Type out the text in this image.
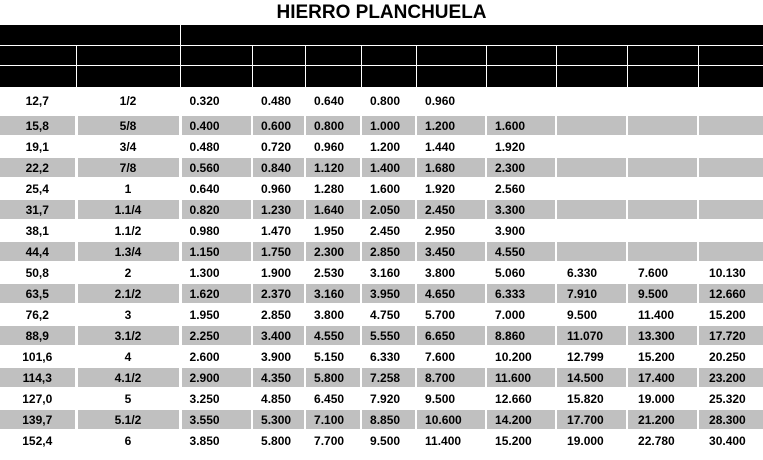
HIERRO PLANCHUELA
ANCHOS		ESPESORES								
EN MM.		3,2	4,8	6,3	7,9	9,5	12,7	15,8	19,1	25,4
	EN PULG.	1/8	3/16	1/4	5/16	3/8	1/2	5/8	3/4	1
12,7	1/2	0.320	0.480	0.640	0.800	0.960				
15,8	5/8	0.400	0.600	0.800	1.000	1.200	1.600			
19,1	3/4	0.480	0.720	0.960	1.200	1.440	1.920			
22,2	7/8	0.560	0.840	1.120	1.400	1.680	2.300			
25,4	1	0.640	0.960	1.280	1.600	1.920	2.560			
31,7	1.1/4	0.820	1.230	1.640	2.050	2.450	3.300			
38,1	1.1/2	0.980	1.470	1.950	2.450	2.950	3.900			
44,4	1.3/4	1.150	1.750	2.300	2.850	3.450	4.550			
50,8	2	1.300	1.900	2.530	3.160	3.800	5.060	6.330	7.600	10.130
63,5	2.1/2	1.620	2.370	3.160	3.950	4.650	6.333	7.910	9.500	12.660
76,2	3	1.950	2.850	3.800	4.750	5.700	7.000	9.500	11.400	15.200
88,9	3.1/2	2.250	3.400	4.550	5.550	6.650	8.860	11.070	13.300	17.720
101,6	4	2.600	3.900	5.150	6.330	7.600	10.200	12.799	15.200	20.250
114,3	4.1/2	2.900	4.350	5.800	7.258	8.700	11.600	14.500	17.400	23.200
127,0	5	3.250	4.850	6.450	7.920	9.500	12.660	15.820	19.000	25.320
139,7	5.1/2	3.550	5.300	7.100	8.850	10.600	14.200	17.700	21.200	28.300
152,4	6	3.850	5.800	7.700	9.500	11.400	15.200	19.000	22.780	30.400
